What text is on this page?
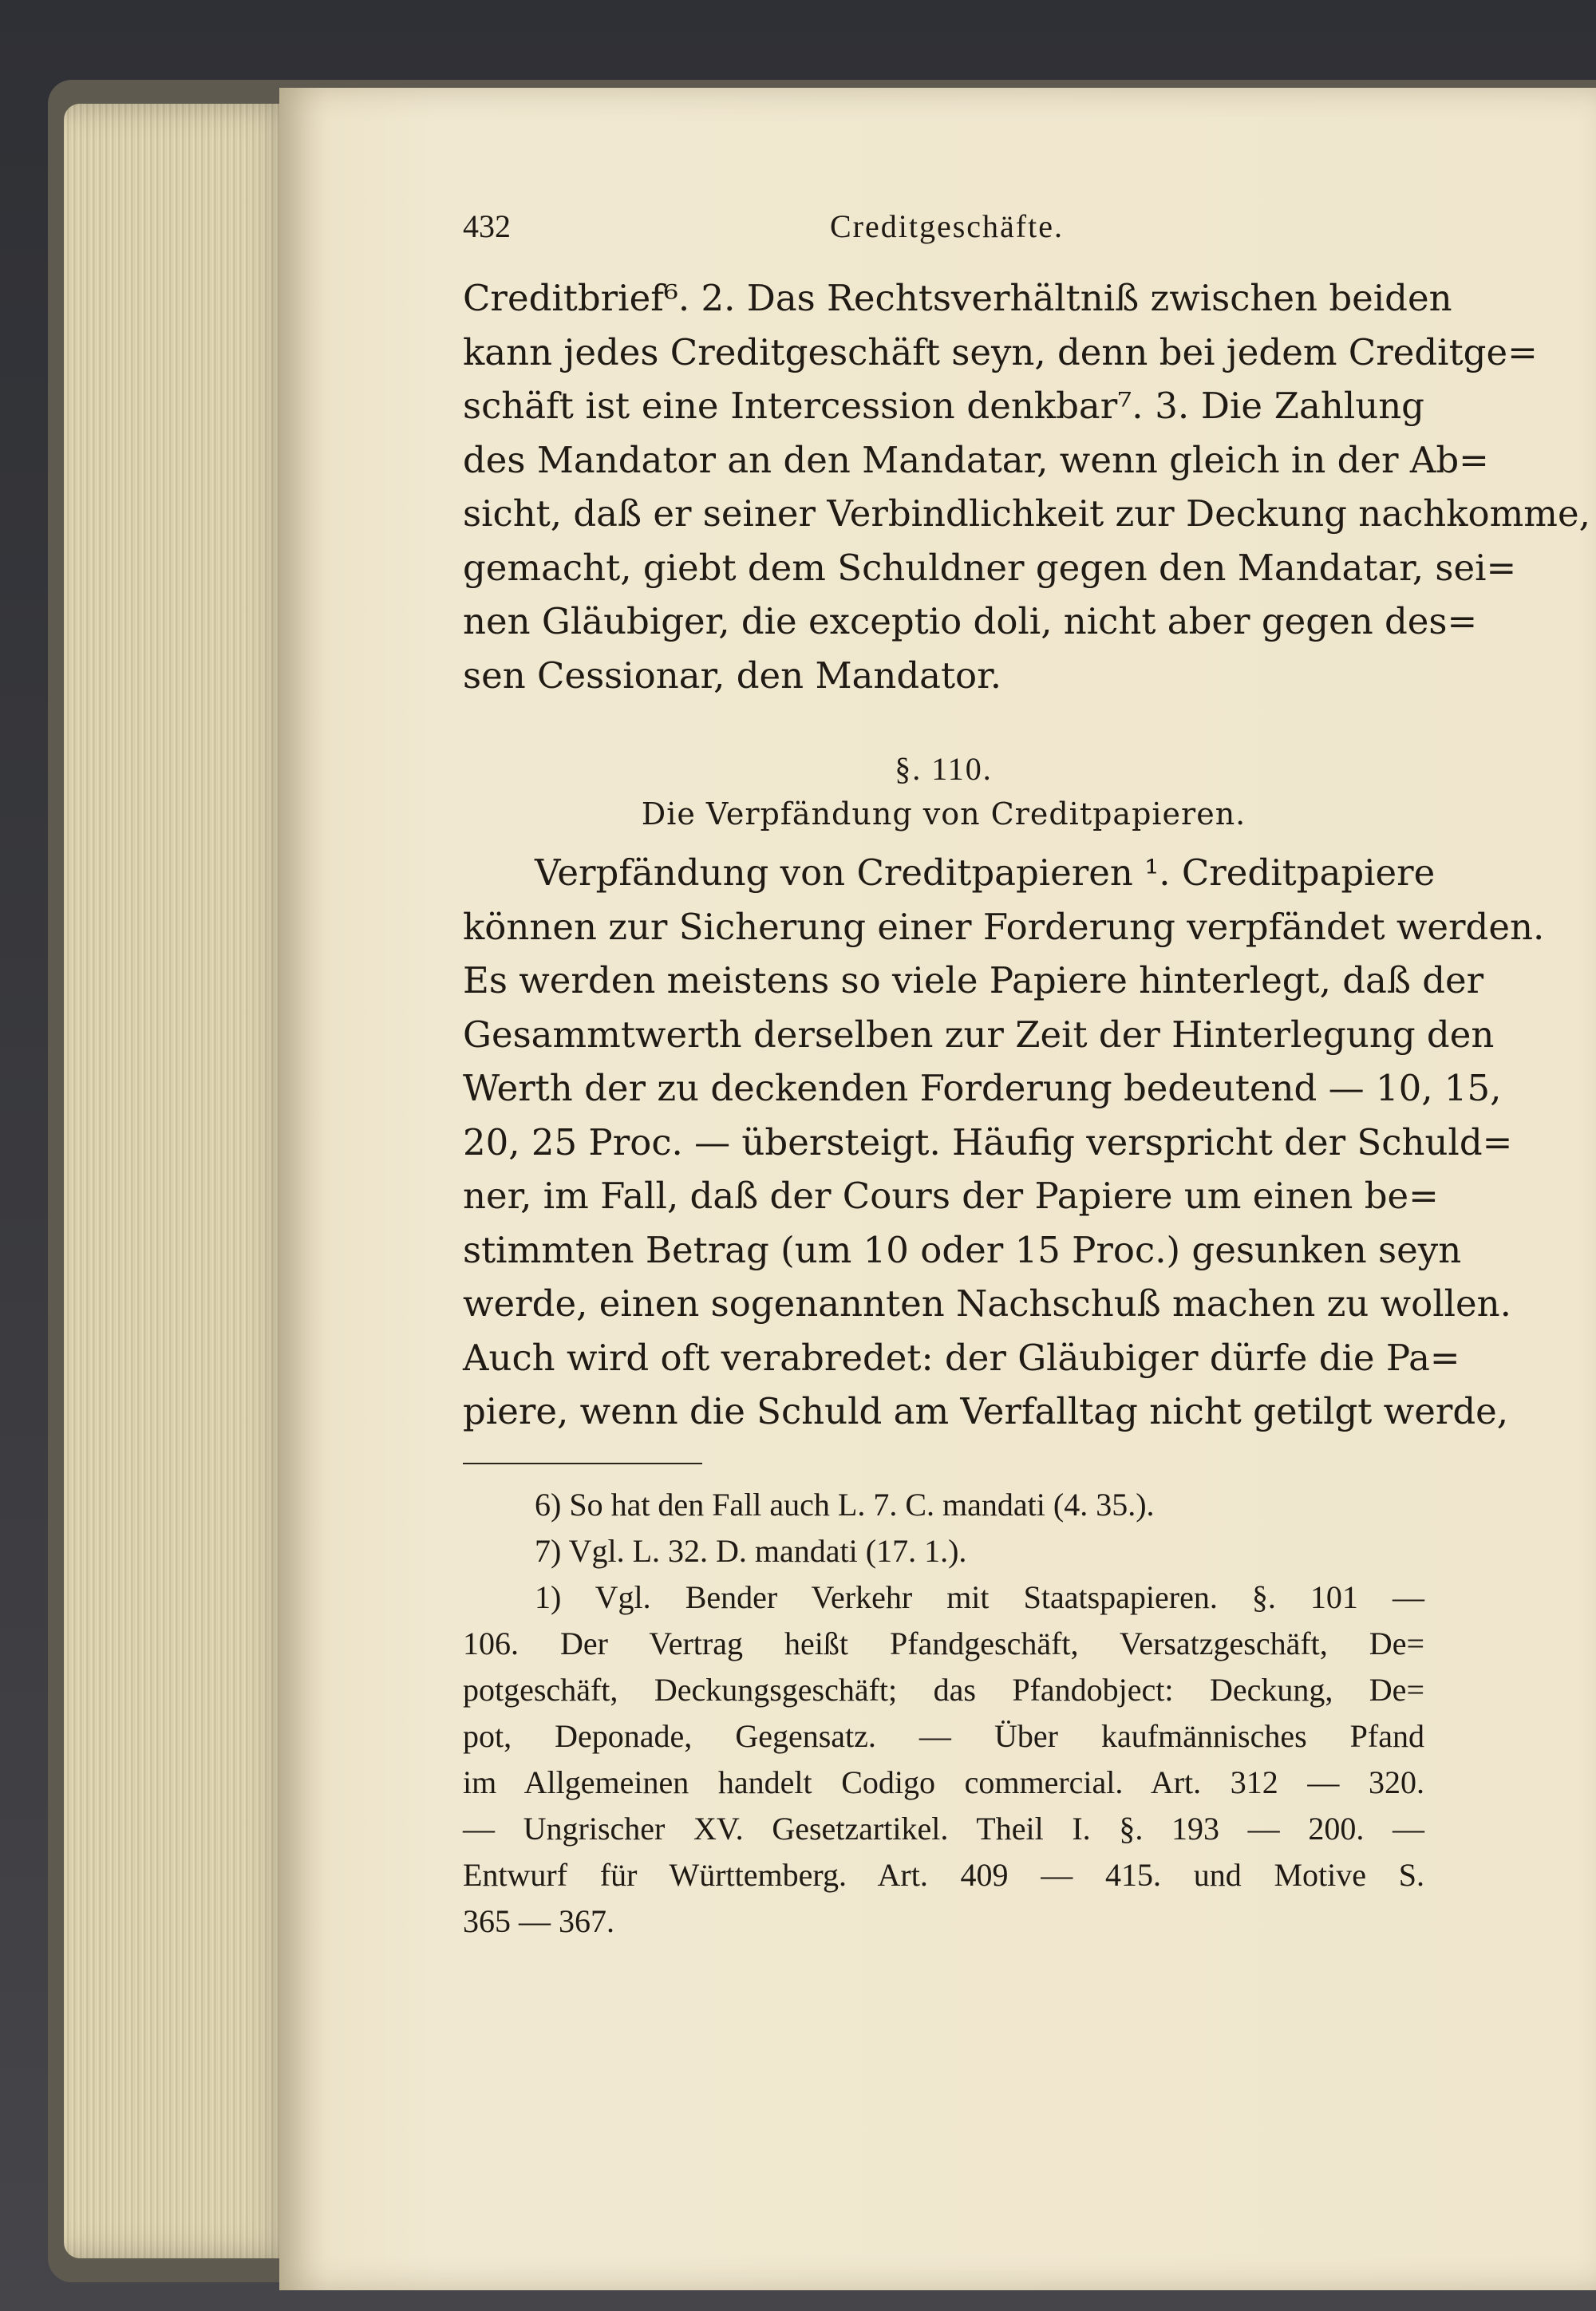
432	Creditgeschäfte.

Creditbrief⁶. 2. Das Rechtsverhältniß zwischen beiden

kann jedes Creditgeschäft seyn, denn bei jedem Creditge=

schäft ist eine Intercession denkbar⁷. 3. Die Zahlung

des Mandator an den Mandatar, wenn gleich in der Ab=

sicht, daß er seiner Verbindlichkeit zur Deckung nachkomme,

gemacht, giebt dem Schuldner gegen den Mandatar, sei=

nen Gläubiger, die exceptio doli, nicht aber gegen des=

sen Cessionar, den Mandator.

§. 110.
Die Verpfändung von Creditpapieren.

Verpfändung von Creditpapieren ¹. Creditpapiere

können zur Sicherung einer Forderung verpfändet werden.

Es werden meistens so viele Papiere hinterlegt, daß der

Gesammtwerth derselben zur Zeit der Hinterlegung den

Werth der zu deckenden Forderung bedeutend — 10, 15,

20, 25 Proc. — übersteigt. Häufig verspricht der Schuld=

ner, im Fall, daß der Cours der Papiere um einen be=

stimmten Betrag (um 10 oder 15 Proc.) gesunken seyn

werde, einen sogenannten Nachschuß machen zu wollen.

Auch wird oft verabredet: der Gläubiger dürfe die Pa=

piere, wenn die Schuld am Verfalltag nicht getilgt werde,

6) So hat den Fall auch L. 7. C. mandati (4. 35.).

7) Vgl. L. 32. D. mandati (17. 1.).

1) Vgl. Bender Verkehr mit Staatspapieren. §. 101 —

106. Der Vertrag heißt Pfandgeschäft, Versatzgeschäft, De=

potgeschäft, Deckungsgeschäft; das Pfandobject: Deckung, De=

pot, Deponade, Gegensatz. — Über kaufmännisches Pfand

im Allgemeinen handelt Codigo commercial. Art. 312 — 320.

— Ungrischer XV. Gesetzartikel. Theil I. §. 193 — 200. —

Entwurf für Württemberg. Art. 409 — 415. und Motive S.

365 — 367.
